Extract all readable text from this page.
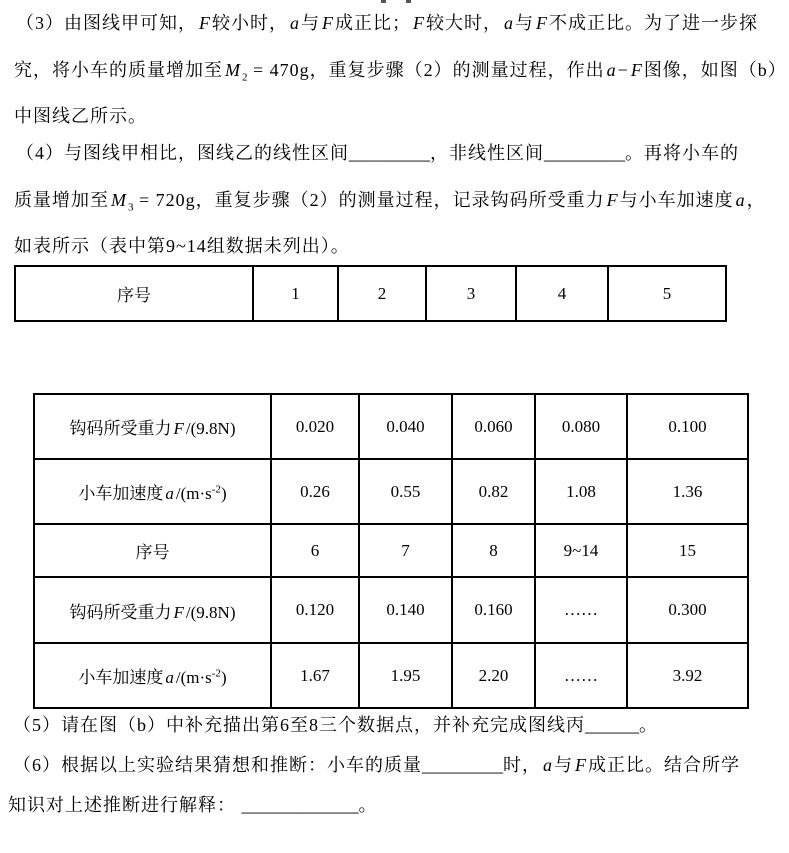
（3）由图线甲可知， F 较小时， a 与 F 成正比； F 较大时， a 与 F 不成正比。为了进一步探
究，将小车的质量增加至 M $_2$ = 470g，重复步骤（2）的测量过程，作出 a − F 图像，如图（b）
中图线乙所示。
（4）与图线甲相比，图线乙的线性区间_________，非线性区间_________。再将小车的
质量增加至 M $_3$ = 720g，重复步骤（2）的测量过程，记录钩码所受重力 F 与小车加速度 a ，
如表所示（表中第9~14组数据未列出）。
序号	1	2	3	4	5
钩码所受重力 F /(9.8N)	0.020	0.040	0.060	0.080	0.100
小车加速度 a $/(m\cdot s^{-2})$	0.26	0.55	0.82	1.08	1.36
序号	6	7	8	9~14	15
钩码所受重力 F /(9.8N)	0.120	0.140	0.160	……	0.300
小车加速度 a $/(m\cdot s^{-2})$	1.67	1.95	2.20	……	3.92
（5）请在图（b）中补充描出第6至8三个数据点，并补充完成图线丙______。
（6）根据以上实验结果猜想和推断：小车的质量_________时， a 与 F 成正比。结合所学
知识对上述推断进行解释： _____________。
